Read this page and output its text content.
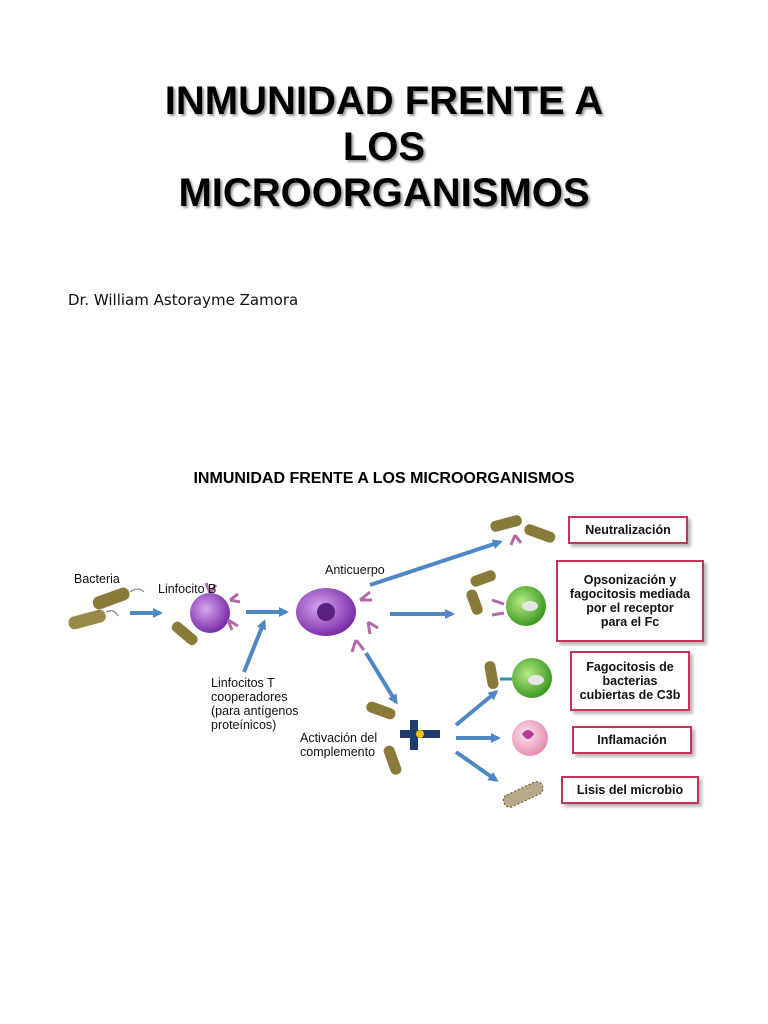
INMUNIDAD FRENTE A
LOS
MICROORGANISMOS
Dr. William Astorayme Zamora
INMUNIDAD FRENTE A LOS MICROORGANISMOS
Bacteria
Linfocito B
Anticuerpo
Linfocitos T
cooperadores
(para antígenos
proteínicos)
Activación del
complemento
Neutralización
Opsonización y
fagocitosis mediada
por el receptor
para el Fc
Fagocitosis de
bacterias
cubiertas de C3b
Inflamación
Lisis del microbio
